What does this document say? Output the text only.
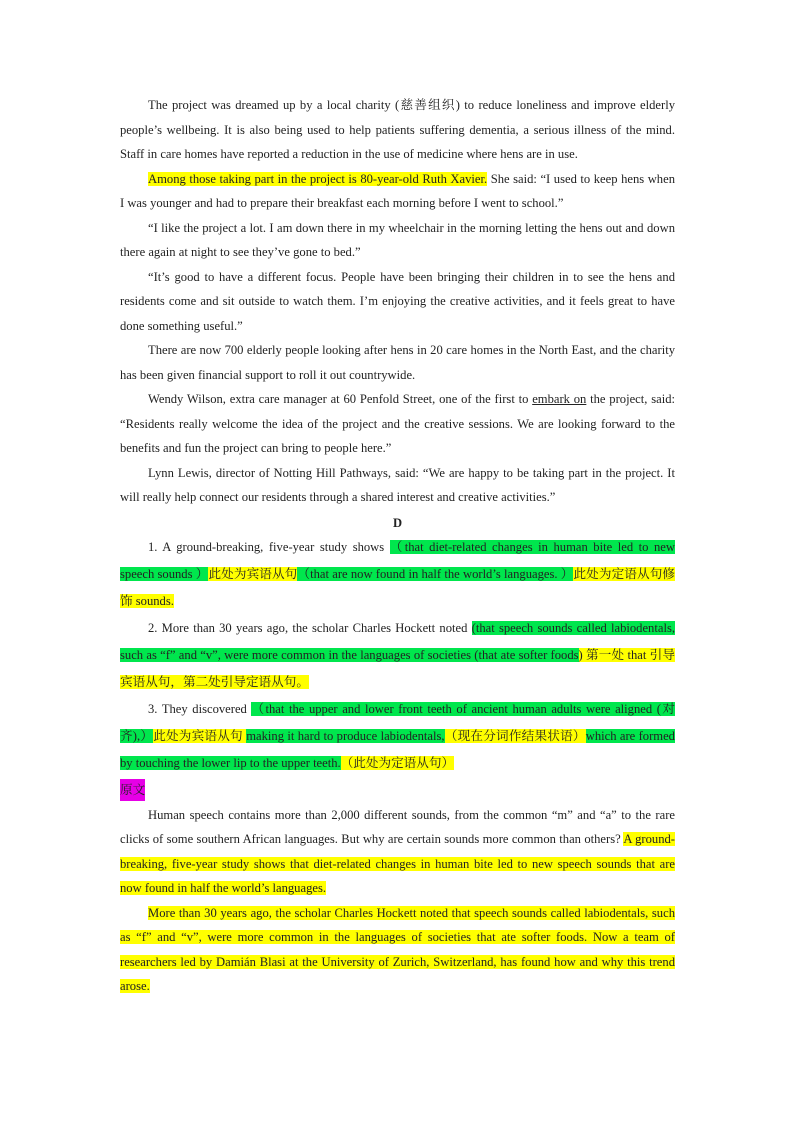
The project was dreamed up by a local charity (慈善组织) to reduce loneliness and improve elderly people’s wellbeing. It is also being used to help patients suffering dementia, a serious illness of the mind. Staff in care homes have reported a reduction in the use of medicine where hens are in use.

Among those taking part in the project is 80-year-old Ruth Xavier. She said: “I used to keep hens when I was younger and had to prepare their breakfast each morning before I went to school.”

“I like the project a lot. I am down there in my wheelchair in the morning letting the hens out and down there again at night to see they’ve gone to bed.”

“It’s good to have a different focus. People have been bringing their children in to see the hens and residents come and sit outside to watch them. I’m enjoying the creative activities, and it feels great to have done something useful.”

There are now 700 elderly people looking after hens in 20 care homes in the North East, and the charity has been given financial support to roll it out countrywide.

Wendy Wilson, extra care manager at 60 Penfold Street, one of the first to embark on the project, said: “Residents really welcome the idea of the project and the creative sessions. We are looking forward to the benefits and fun the project can bring to people here.”

Lynn Lewis, director of Notting Hill Pathways, said: “We are happy to be taking part in the project. It will really help connect our residents through a shared interest and creative activities.”

D

1. A ground-breaking, five-year study shows （that diet-related changes in human bite led to new speech sounds ）此处为宾语从句（that are now found in half the world’s languages. ）此处为定语从句修饰 sounds.

2. More than 30 years ago, the scholar Charles Hockett noted (that speech sounds called labiodentals, such as “f” and “v”, were more common in the languages of societies (that ate softer foods) 第一处 that 引导宾语从句，第二处引导定语从句。

3. They discovered （that the upper and lower front teeth of ancient human adults were aligned (对齐),）此处为宾语从句 making it hard to produce labiodentals,（现在分词作结果状语）which are formed by touching the lower lip to the upper teeth.（此处为定语从句）

原文

Human speech contains more than 2,000 different sounds, from the common “m” and “a” to the rare clicks of some southern African languages. But why are certain sounds more common than others? A ground-breaking, five-year study shows that diet-related changes in human bite led to new speech sounds that are now found in half the world’s languages.

More than 30 years ago, the scholar Charles Hockett noted that speech sounds called labiodentals, such as “f” and “v”, were more common in the languages of societies that ate softer foods. Now a team of researchers led by Damián Blasi at the University of Zurich, Switzerland, has found how and why this trend arose.
